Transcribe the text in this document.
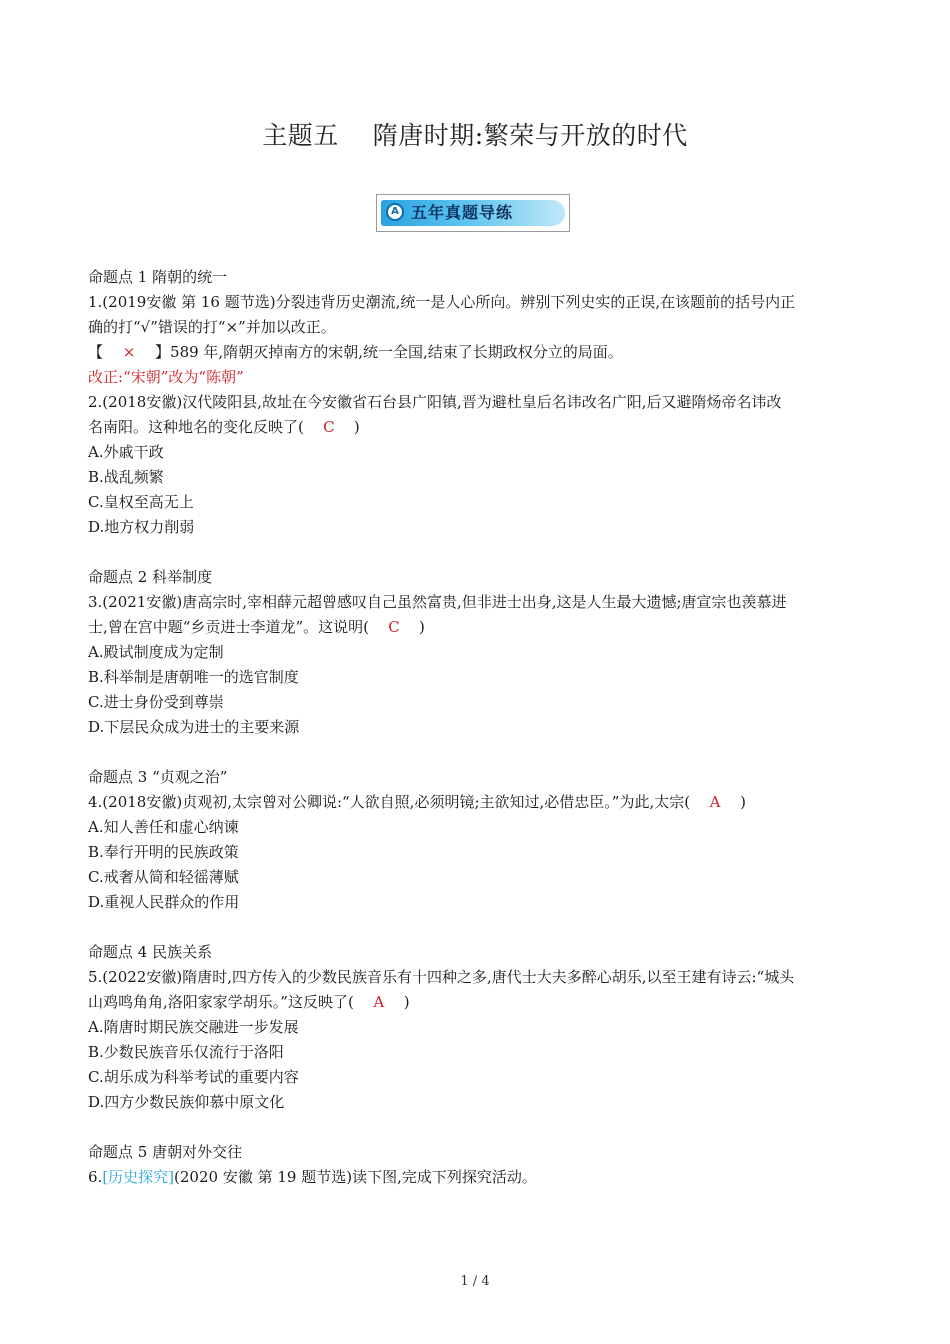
主题五 隋唐时期:繁荣与开放的时代
A 五年真题导练

命题点 1 隋朝的统一

1.(2019安徽 第 16 题节选)分裂违背历史潮流,统一是人心所向。辨别下列史实的正误,在该题前的括号内正

确的打“√”错误的打“×”并加以改正。

【 × 】589 年,隋朝灭掉南方的宋朝,统一全国,结束了长期政权分立的局面。

改正:“宋朝”改为“陈朝”

2.(2018安徽)汉代陵阳县,故址在今安徽省石台县广阳镇,晋为避杜皇后名讳改名广阳,后又避隋炀帝名讳改

名南阳。这种地名的变化反映了( C )

A.外戚干政

B.战乱频繁

C.皇权至高无上

D.地方权力削弱

命题点 2 科举制度

3.(2021安徽)唐高宗时,宰相薛元超曾感叹自己虽然富贵,但非进士出身,这是人生最大遗憾;唐宣宗也羡慕进

士,曾在宫中题“乡贡进士李道龙”。这说明( C )

A.殿试制度成为定制

B.科举制是唐朝唯一的选官制度

C.进士身份受到尊崇

D.下层民众成为进士的主要来源

命题点 3 “贞观之治”

4.(2018安徽)贞观初,太宗曾对公卿说:“人欲自照,必须明镜;主欲知过,必借忠臣。”为此,太宗( A )

A.知人善任和虚心纳谏

B.奉行开明的民族政策

C.戒奢从简和轻徭薄赋

D.重视人民群众的作用

命题点 4 民族关系

5.(2022安徽)隋唐时,四方传入的少数民族音乐有十四种之多,唐代士大夫多醉心胡乐,以至王建有诗云:“城头

山鸡鸣角角,洛阳家家学胡乐。”这反映了( A )

A.隋唐时期民族交融进一步发展

B.少数民族音乐仅流行于洛阳

C.胡乐成为科举考试的重要内容

D.四方少数民族仰慕中原文化

命题点 5 唐朝对外交往

6.[历史探究](2020 安徽 第 19 题节选)读下图,完成下列探究活动。

1 / 4
